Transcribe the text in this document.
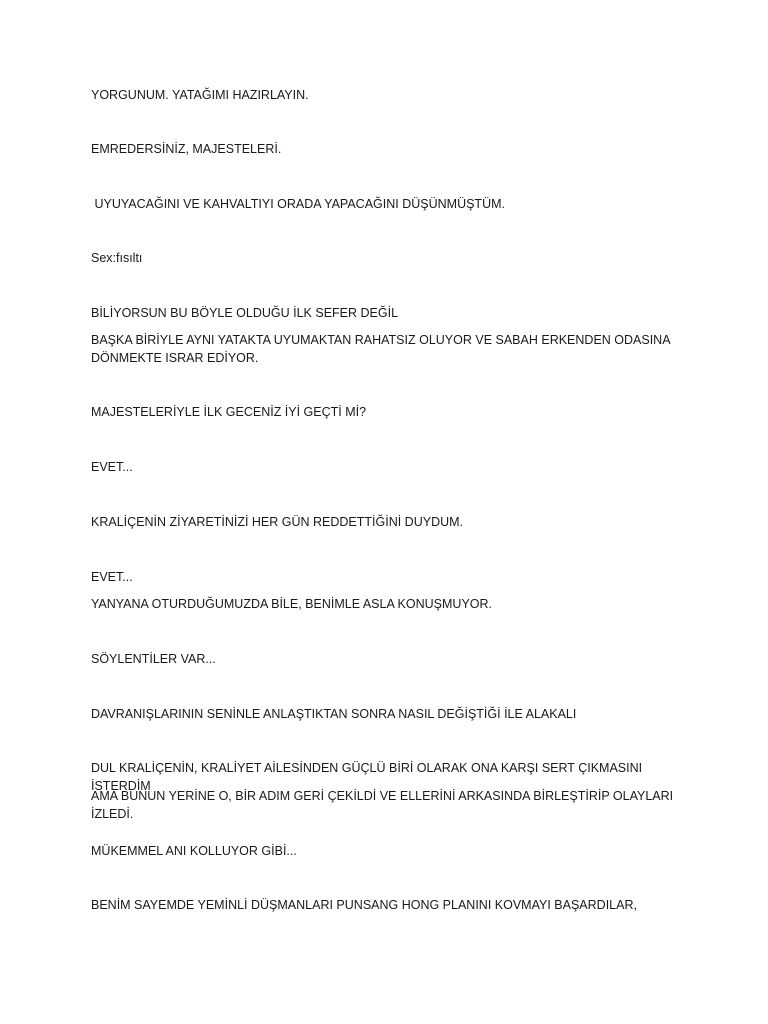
YORGUNUM. YATAĞIMI HAZIRLAYIN.

EMREDERSİNİZ, MAJESTELERİ.

UYUYACAĞINI VE KAHVALTIYI ORADA YAPACAĞINI DÜŞÜNMÜŞTÜM.

Sex:fısıltı

BİLİYORSUN BU BÖYLE OLDUĞU İLK SEFER DEĞİL

BAŞKA BİRİYLE AYNI YATAKTA UYUMAKTAN RAHATSIZ OLUYOR VE SABAH ERKENDEN ODASINA DÖNMEKTE ISRAR EDİYOR.

MAJESTELERİYLE İLK GECENİZ İYİ GEÇTİ Mİ?

EVET...

KRALİÇENİN ZİYARETİNİZİ HER GÜN REDDETTİĞİNİ DUYDUM.

EVET...

YANYANA OTURDUĞUMUZDA BİLE, BENİMLE ASLA KONUŞMUYOR.

SÖYLENTİLER VAR...

DAVRANIŞLARININ SENİNLE ANLAŞTIKTAN SONRA NASIL DEĞİŞTİĞİ İLE ALAKALI

DUL KRALİÇENİN, KRALİYET AİLESİNDEN GÜÇLÜ BİRİ OLARAK ONA KARŞI SERT ÇIKMASINI İSTERDİM

AMA BUNUN YERİNE O, BİR ADIM GERİ ÇEKİLDİ VE ELLERİNİ ARKASINDA BİRLEŞTİRİP OLAYLARI İZLEDİ.

MÜKEMMEL ANI KOLLUYOR GİBİ...

BENİM SAYEMDE YEMİNLİ DÜŞMANLARI PUNSANG HONG PLANINI KOVMAYI BAŞARDILAR,
